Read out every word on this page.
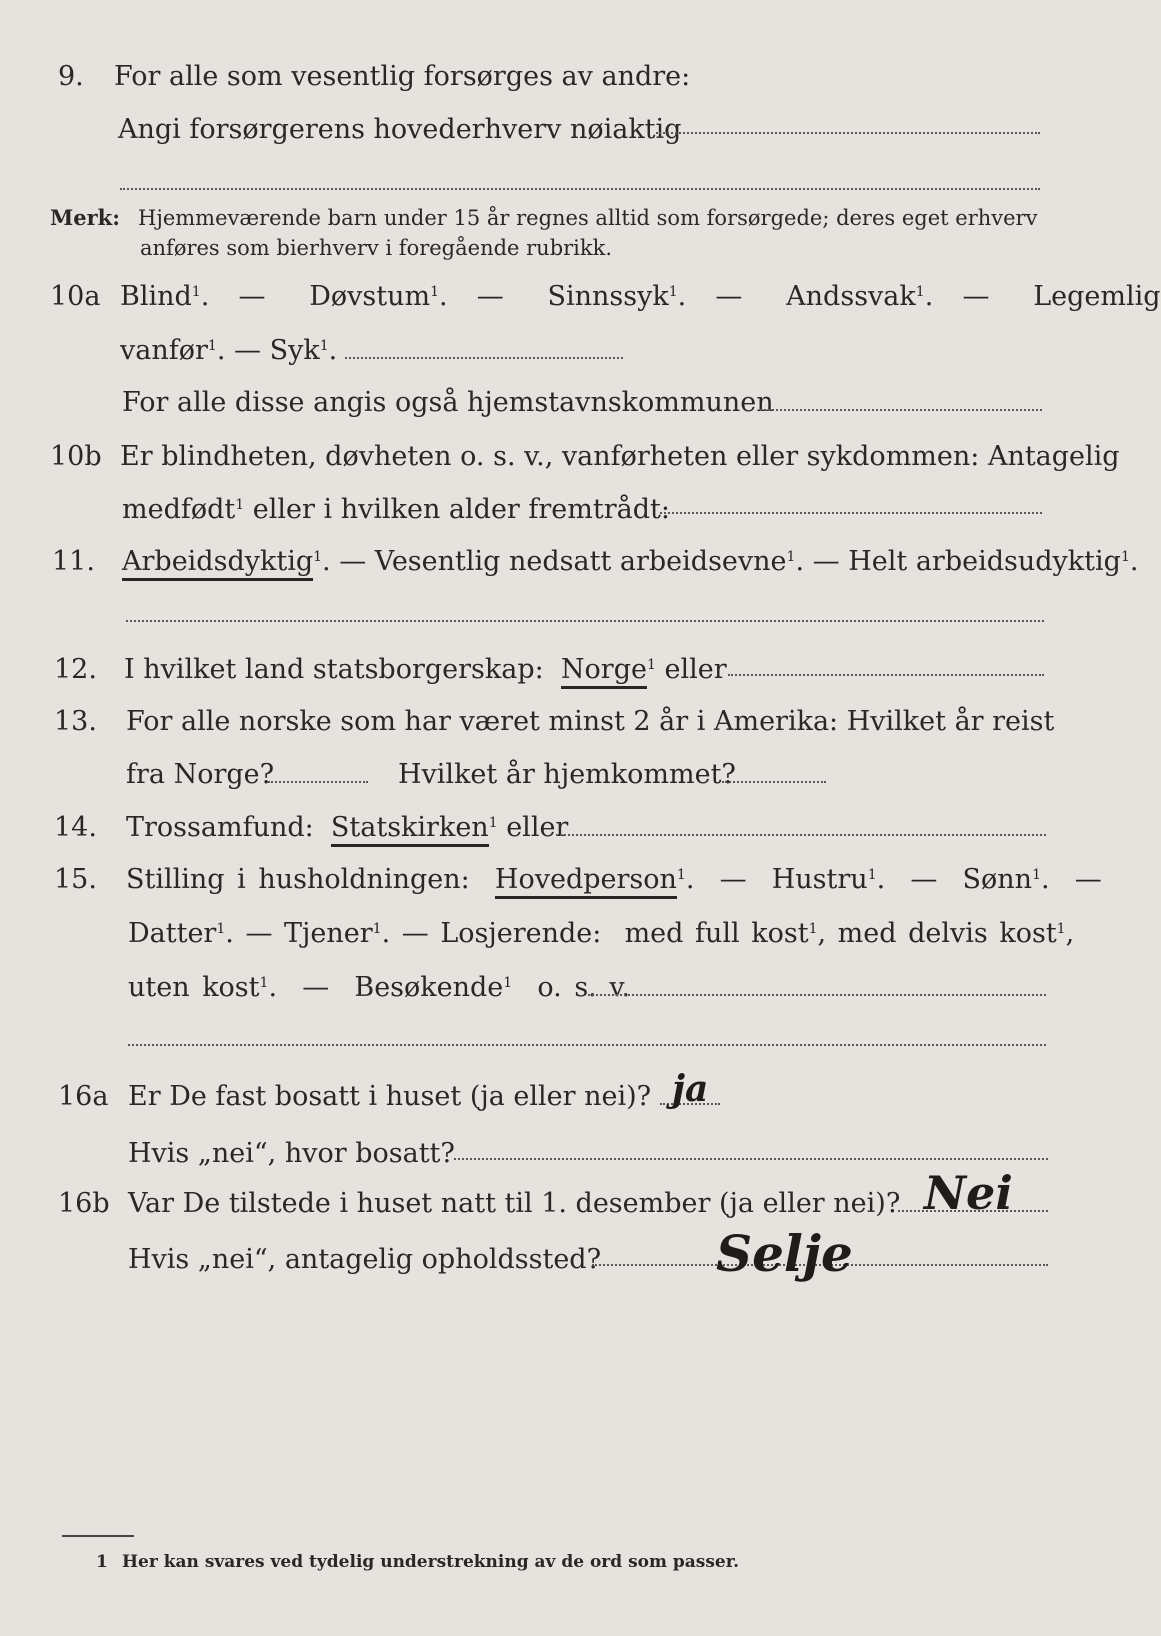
9. For alle som vesentlig forsørges av andre:
Angi forsørgerens hovederhverv nøiaktig
Merk: Hjemmeværende barn under 15 år regnes alltid som forsørgede; deres eget erhverv
anføres som bierhverv i foregående rubrikk.
10a Blind$^1$.  — Døvstum$^1$.  — Sinnssyk$^1$.  — Andssvak$^1$.  — Legemlig
vanfør$^1$. — Syk$^1$.
For alle disse angis også hjemstavnskommunen
10b Er blindheten, døvheten o. s. v., vanførheten eller sykdommen: Antagelig
medfødt$^1$ eller i hvilken alder fremtrådt:
11. Arbeidsdyktig$^1$. — Vesentlig nedsatt arbeidsevne$^1$. — Helt arbeidsudyktig$^1$.
12. I hvilket land statsborgerskap: Norge$^1$ eller
13. For alle norske som har været minst 2 år i Amerika: Hvilket år reist
fra Norge?	Hvilket år hjemkommet?
14. Trossamfund: Statskirken$^1$ eller
15. Stilling i husholdningen: Hovedperson$^1$.  — Hustru$^1$.  — Sønn$^1$.  —
Datter$^1$. — Tjener$^1$. — Losjerende: med full kost$^1$, med delvis kost$^1$,
uten kost$^1$.  — Besøkende$^1$ o. s. v.
16a Er De fast bosatt i huset (ja eller nei)? ja
Hvis „nei“, hvor bosatt?
16b Var De tilstede i huset natt til 1. desember (ja eller nei)? Nei
Hvis „nei“, antagelig opholdssted? Selje
1 Her kan svares ved tydelig understrekning av de ord som passer.
